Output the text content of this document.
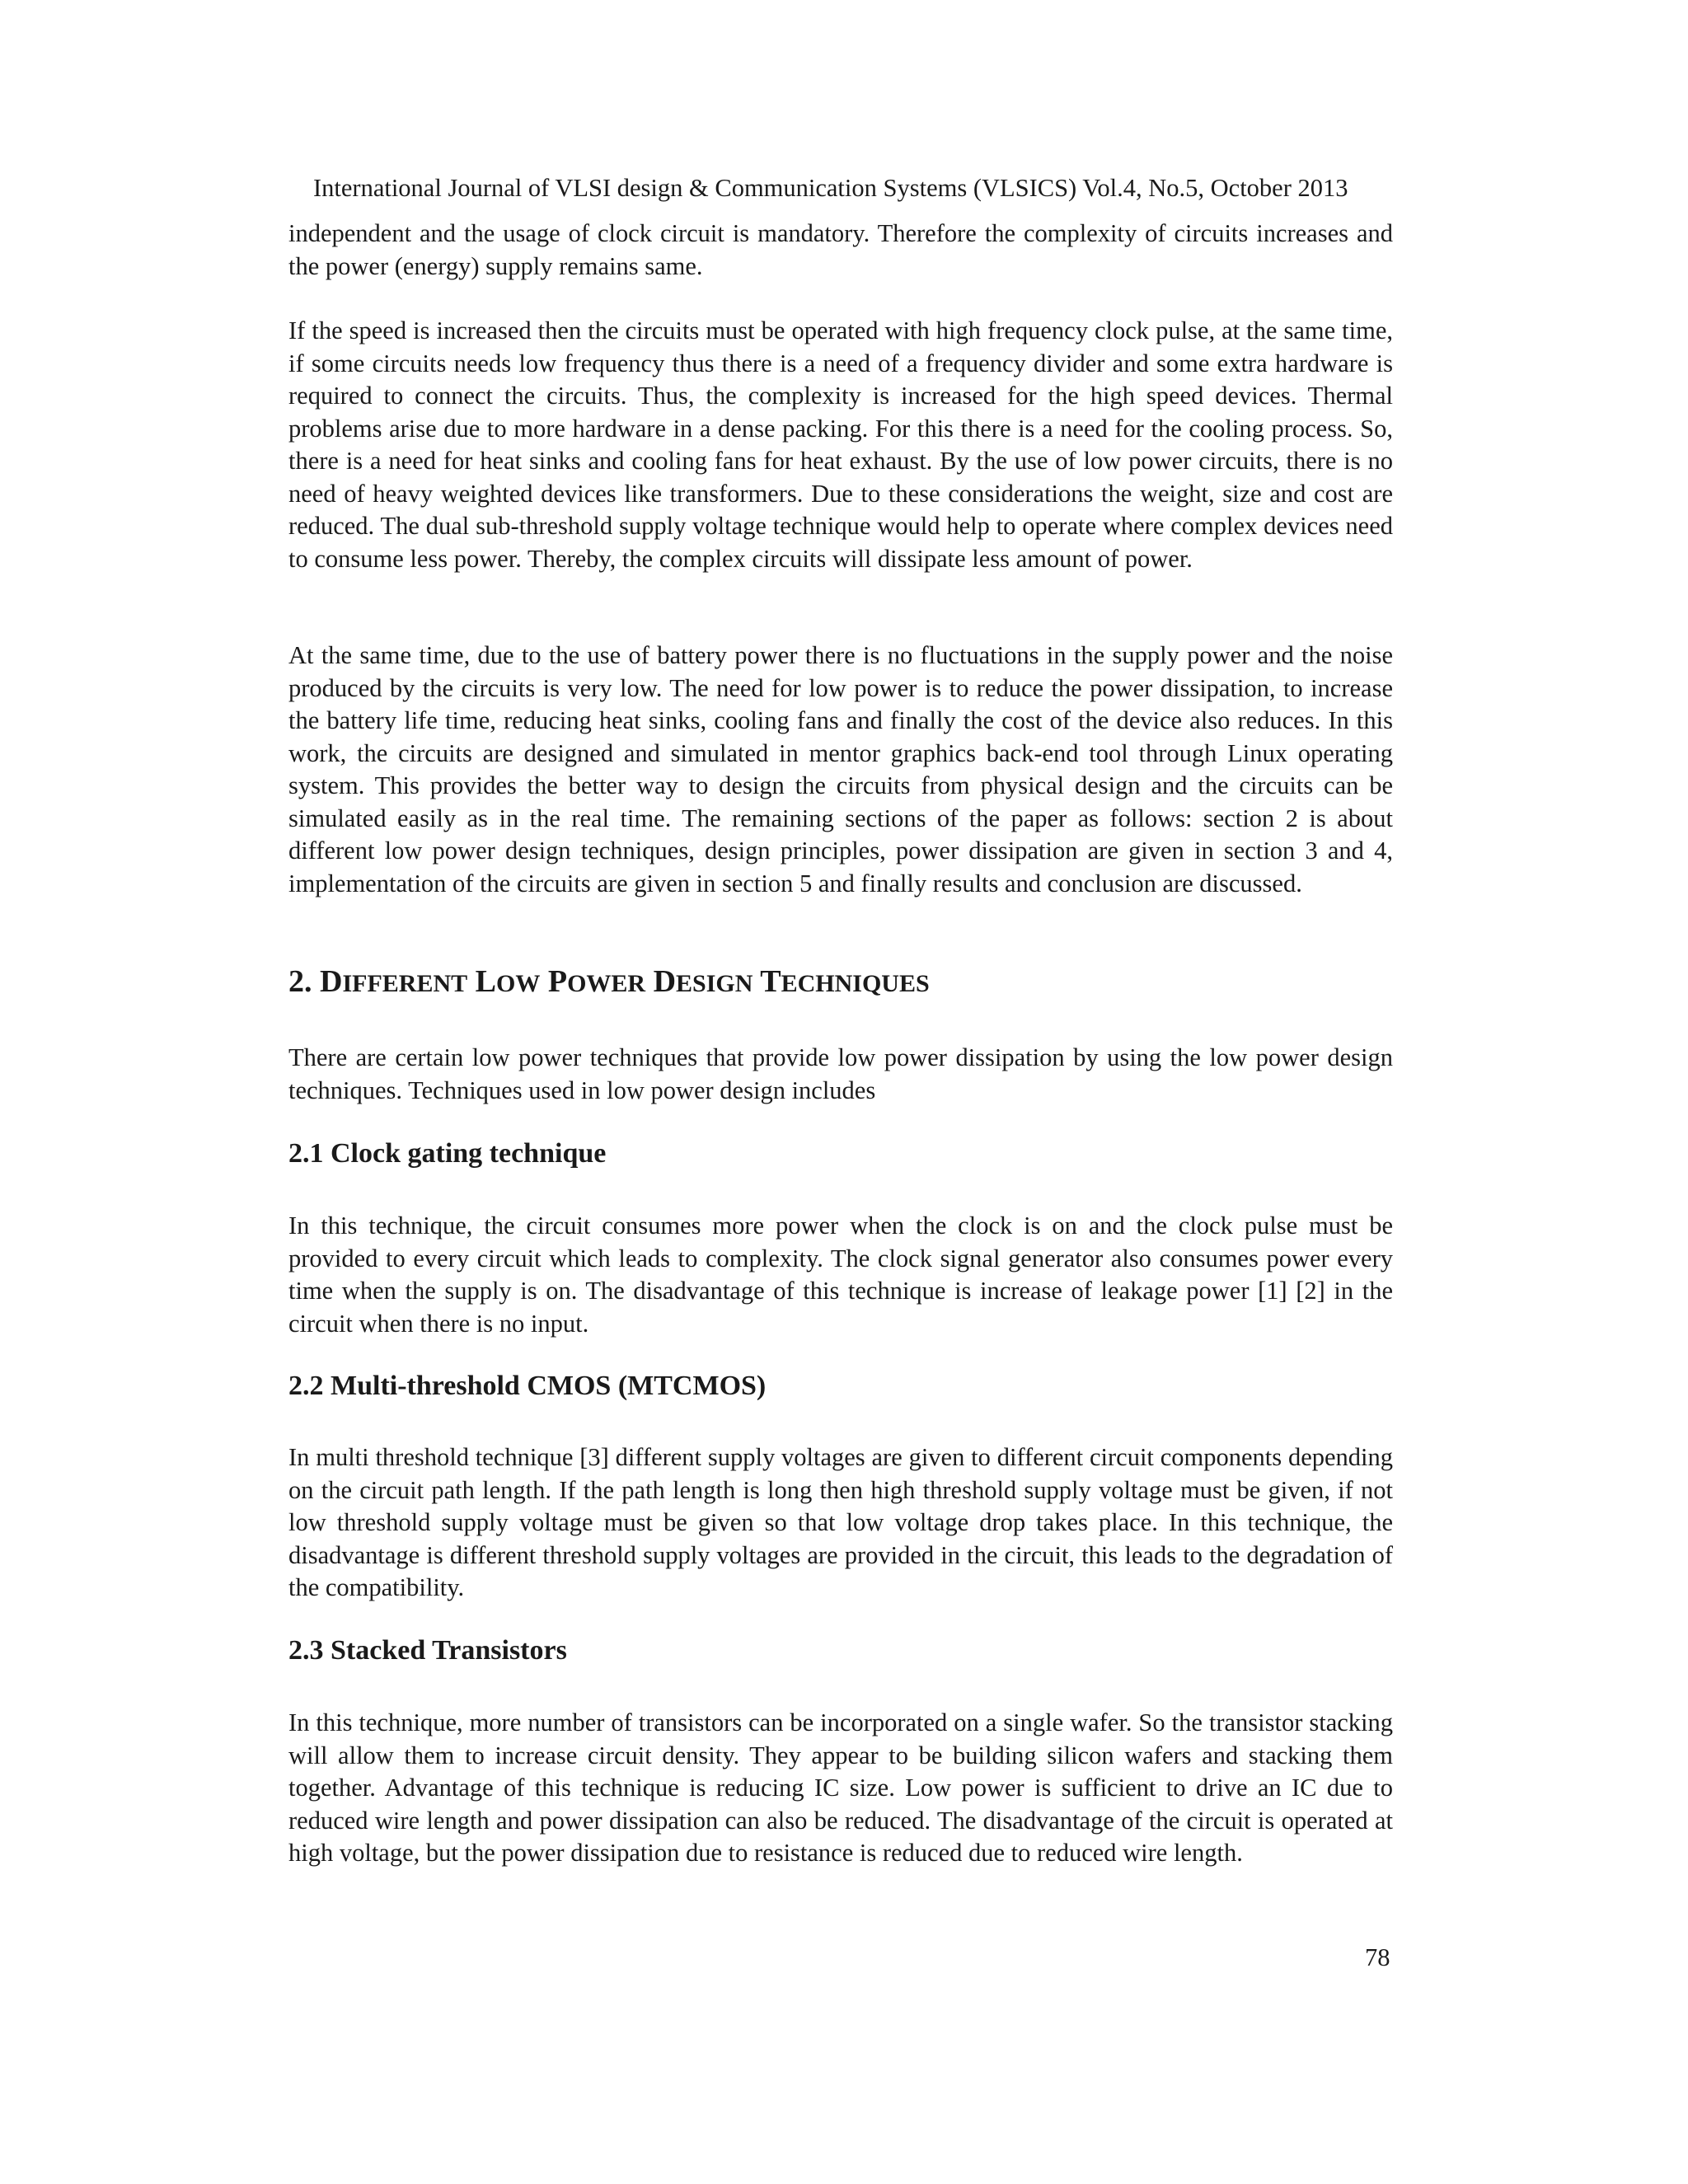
International Journal of VLSI design & Communication Systems (VLSICS) Vol.4, No.5, October 2013

independent and the usage of clock circuit is mandatory. Therefore the complexity of circuits increases and the power (energy) supply remains same.

If the speed is increased then the circuits must be operated with high frequency clock pulse, at the same time, if some circuits needs low frequency thus there is a need of a frequency divider and some extra hardware is required to connect the circuits. Thus, the complexity is increased for the high speed devices. Thermal problems arise due to more hardware in a dense packing. For this there is a need for the cooling process. So, there is a need for heat sinks and cooling fans for heat exhaust. By the use of low power circuits, there is no need of heavy weighted devices like transformers. Due to these considerations the weight, size and cost are reduced. The dual sub-threshold supply voltage technique would help to operate where complex devices need to consume less power. Thereby, the complex circuits will dissipate less amount of power.

At the same time, due to the use of battery power there is no fluctuations in the supply power and the noise produced by the circuits is very low. The need for low power is to reduce the power dissipation, to increase the battery life time, reducing heat sinks, cooling fans and finally the cost of the device also reduces. In this work, the circuits are designed and simulated in mentor graphics back-end tool through Linux operating system. This provides the better way to design the circuits from physical design and the circuits can be simulated easily as in the real time. The remaining sections of the paper as follows: section 2 is about different low power design techniques, design principles, power dissipation are given in section 3 and 4, implementation of the circuits are given in section 5 and finally results and conclusion are discussed.

2. DIFFERENT LOW POWER DESIGN TECHNIQUES

There are certain low power techniques that provide low power dissipation by using the low power design techniques. Techniques used in low power design includes

2.1 Clock gating technique

In this technique, the circuit consumes more power when the clock is on and the clock pulse must be provided to every circuit which leads to complexity. The clock signal generator also consumes power every time when the supply is on. The disadvantage of this technique is increase of leakage power [1] [2] in the circuit when there is no input.

2.2 Multi-threshold CMOS (MTCMOS)

In multi threshold technique [3] different supply voltages are given to different circuit components depending on the circuit path length. If the path length is long then high threshold supply voltage must be given, if not low threshold supply voltage must be given so that low voltage drop takes place. In this technique, the disadvantage is different threshold supply voltages are provided in the circuit, this leads to the degradation of the compatibility.

2.3 Stacked Transistors

In this technique, more number of transistors can be incorporated on a single wafer. So the transistor stacking will allow them to increase circuit density. They appear to be building silicon wafers and stacking them together. Advantage of this technique is reducing IC size. Low power is sufficient to drive an IC due to reduced wire length and power dissipation can also be reduced. The disadvantage of the circuit is operated at high voltage, but the power dissipation due to resistance is reduced due to reduced wire length.

78
